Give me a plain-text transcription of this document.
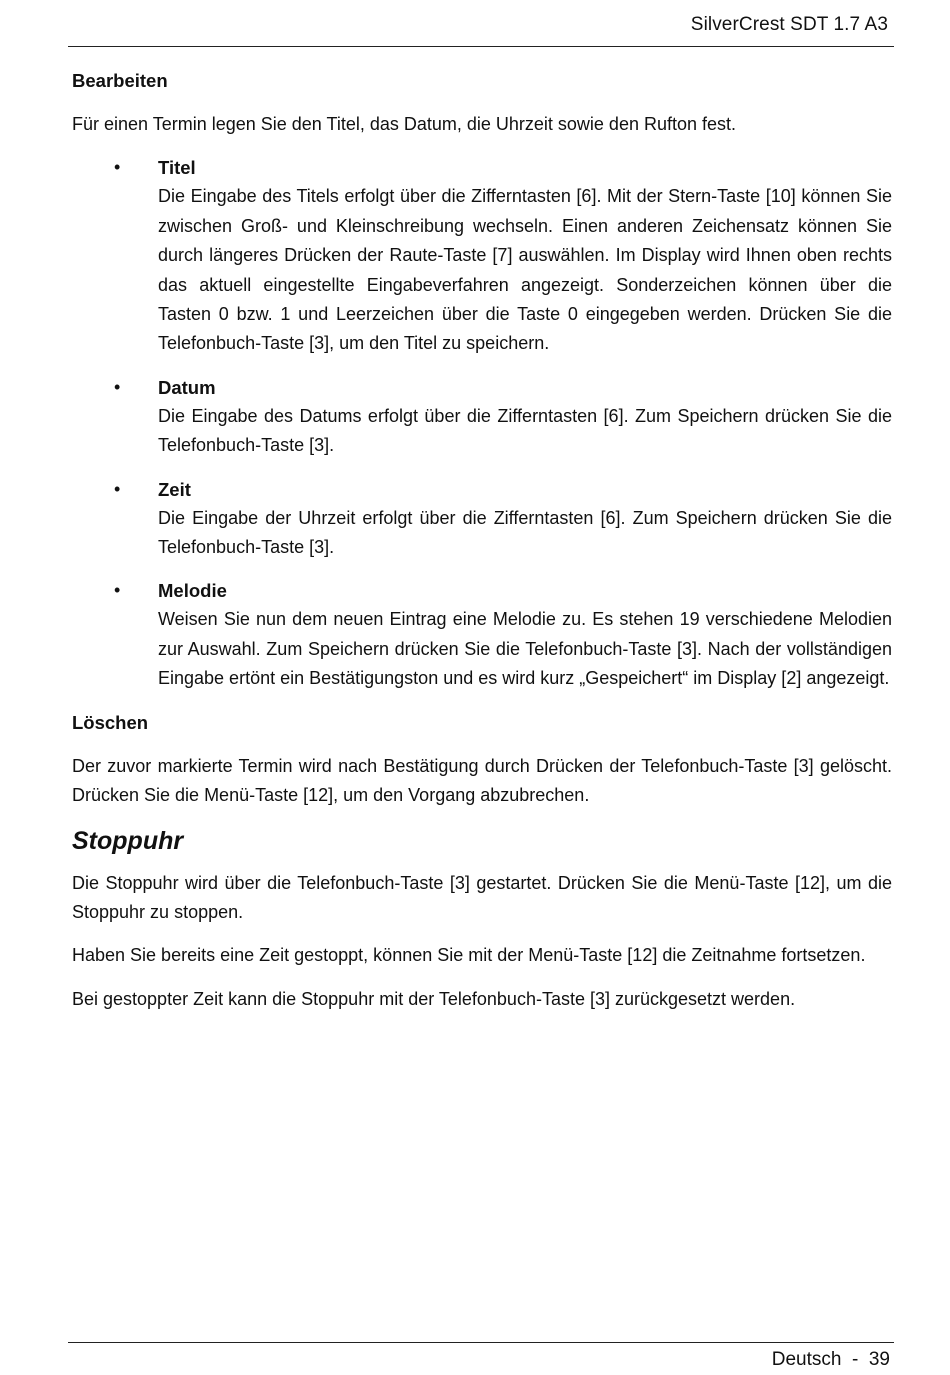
SilverCrest SDT 1.7 A3
Bearbeiten

Für einen Termin legen Sie den Titel, das Datum, die Uhrzeit sowie den Rufton fest.

• Titel
Die Eingabe des Titels erfolgt über die Zifferntasten [6]. Mit der Stern-Taste [10] können Sie zwischen Groß- und Kleinschreibung wechseln. Einen anderen Zeichensatz können Sie durch längeres Drücken der Raute-Taste [7] auswählen. Im Display wird Ihnen oben rechts das aktuell eingestellte Eingabeverfahren angezeigt. Sonderzeichen können über die Tasten 0 bzw. 1 und Leerzeichen über die Taste 0 eingegeben werden. Drücken Sie die Telefonbuch-Taste [3], um den Titel zu speichern.
• Datum
Die Eingabe des Datums erfolgt über die Zifferntasten [6]. Zum Speichern drücken Sie die Telefonbuch-Taste [3].
• Zeit
Die Eingabe der Uhrzeit erfolgt über die Zifferntasten [6]. Zum Speichern drücken Sie die Telefonbuch-Taste [3].
• Melodie
Weisen Sie nun dem neuen Eintrag eine Melodie zu. Es stehen 19 verschiedene Melodien zur Auswahl. Zum Speichern drücken Sie die Telefonbuch-Taste [3]. Nach der vollständigen Eingabe ertönt ein Bestätigungston und es wird kurz „Gespeichert“ im Display [2] angezeigt.
Löschen

Der zuvor markierte Termin wird nach Bestätigung durch Drücken der Telefonbuch-Taste [3] gelöscht. Drücken Sie die Menü-Taste [12], um den Vorgang abzubrechen.

Stoppuhr

Die Stoppuhr wird über die Telefonbuch-Taste [3] gestartet. Drücken Sie die Menü-Taste [12], um die Stoppuhr zu stoppen.

Haben Sie bereits eine Zeit gestoppt, können Sie mit der Menü-Taste [12] die Zeitnahme fortsetzen.

Bei gestoppter Zeit kann die Stoppuhr mit der Telefonbuch-Taste [3] zurückgesetzt werden.

Deutsch  -  39
